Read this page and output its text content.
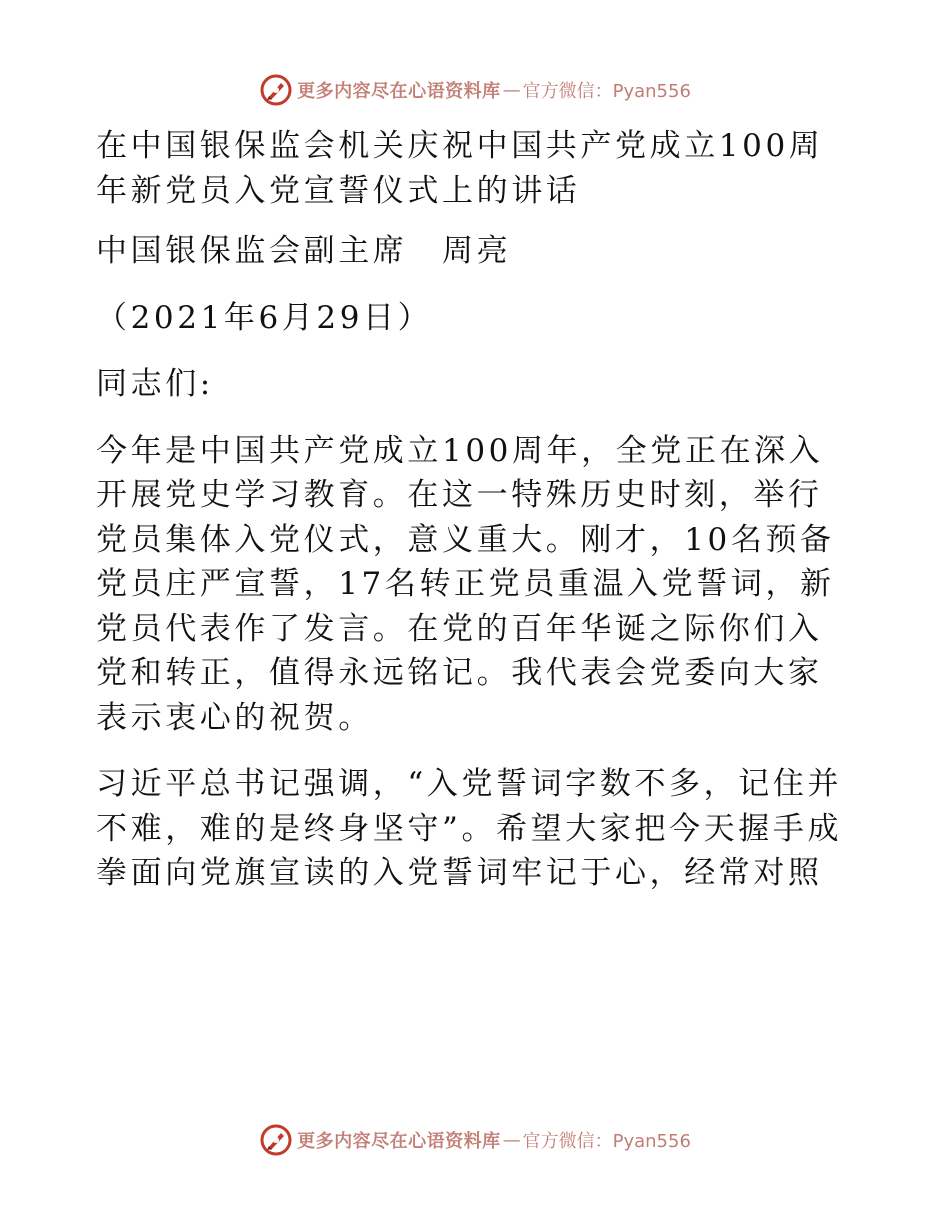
更多内容尽在心语资料库 — 官方微信：Pyan556

在中国银保监会机关庆祝中国共产党成立100周年新党员入党宣誓仪式上的讲话

中国银保监会副主席　周亮

（2021年6月29日）

同志们:

今年是中国共产党成立100周年，全党正在深入开展党史学习教育。在这一特殊历史时刻，举行党员集体入党仪式，意义重大。刚才，10名预备党员庄严宣誓，17名转正党员重温入党誓词，新党员代表作了发言。在党的百年华诞之际你们入党和转正，值得永远铭记。我代表会党委向大家表示衷心的祝贺。

习近平总书记强调，“入党誓词字数不多，记住并不难，难的是终身坚守”。希望大家把今天握手成拳面向党旗宣读的入党誓词牢记于心，经常对照

更多内容尽在心语资料库 — 官方微信：Pyan556
